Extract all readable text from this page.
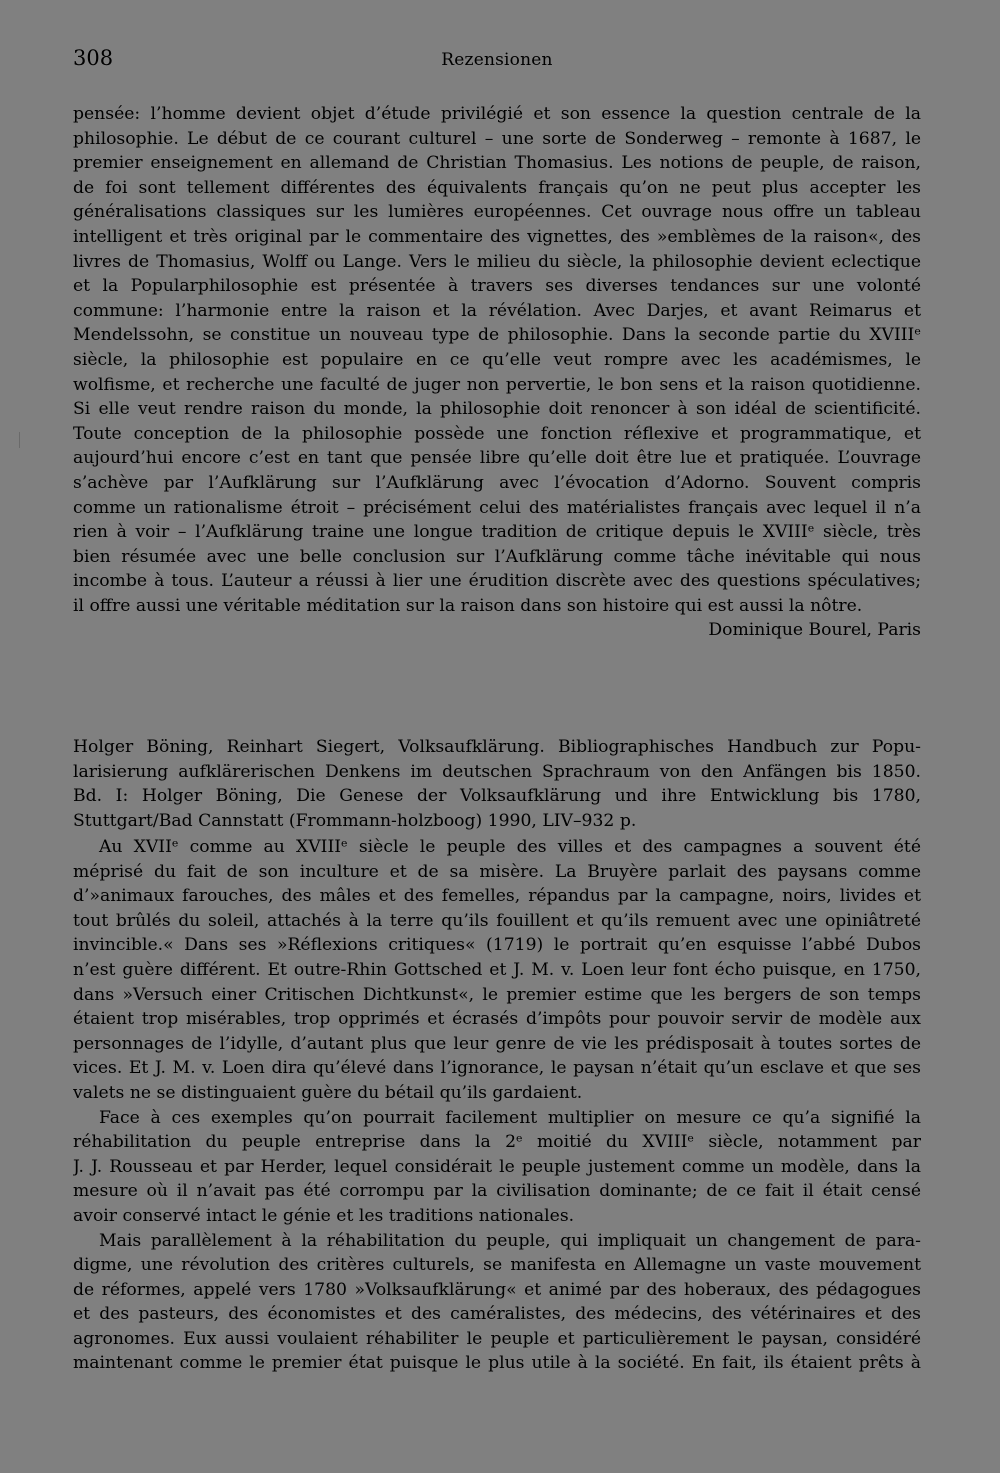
308	Rezensionen
pensée: l’homme devient objet d’étude privilégié et son essence la question centrale de la
philosophie. Le début de ce courant culturel – une sorte de Sonderweg – remonte à 1687, le
premier enseignement en allemand de Christian Thomasius. Les notions de peuple, de raison,
de foi sont tellement différentes des équivalents français qu’on ne peut plus accepter les
généralisations classiques sur les lumières européennes. Cet ouvrage nous offre un tableau
intelligent et très original par le commentaire des vignettes, des »emblèmes de la raison«, des
livres de Thomasius, Wolff ou Lange. Vers le milieu du siècle, la philosophie devient eclectique
et la Popularphilosophie est présentée à travers ses diverses tendances sur une volonté
commune: l’harmonie entre la raison et la révélation. Avec Darjes, et avant Reimarus et
Mendelssohn, se constitue un nouveau type de philosophie. Dans la seconde partie du XVIIIᵉ
siècle, la philosophie est populaire en ce qu’elle veut rompre avec les académismes, le
wolfisme, et recherche une faculté de juger non pervertie, le bon sens et la raison quotidienne.
Si elle veut rendre raison du monde, la philosophie doit renoncer à son idéal de scientificité.
Toute conception de la philosophie possède une fonction réflexive et programmatique, et
aujourd’hui encore c’est en tant que pensée libre qu’elle doit être lue et pratiquée. L’ouvrage
s’achève par l’Aufklärung sur l’Aufklärung avec l’évocation d’Adorno. Souvent compris
comme un rationalisme étroit – précisément celui des matérialistes français avec lequel il n’a
rien à voir – l’Aufklärung traine une longue tradition de critique depuis le XVIIIᵉ siècle, très
bien résumée avec une belle conclusion sur l’Aufklärung comme tâche inévitable qui nous
incombe à tous. L’auteur a réussi à lier une érudition discrète avec des questions spéculatives;
il offre aussi une véritable méditation sur la raison dans son histoire qui est aussi la nôtre.
Dominique Bourel, Paris
Holger Böning, Reinhart Siegert, Volksaufklärung. Bibliographisches Handbuch zur Popu-
larisierung aufklärerischen Denkens im deutschen Sprachraum von den Anfängen bis 1850.
Bd. I: Holger Böning, Die Genese der Volksaufklärung und ihre Entwicklung bis 1780,
Stuttgart/Bad Cannstatt (Frommann-holzboog) 1990, LIV–932 p.
Au XVIIᵉ comme au XVIIIᵉ siècle le peuple des villes et des campagnes a souvent été
méprisé du fait de son inculture et de sa misère. La Bruyère parlait des paysans comme
d’»animaux farouches, des mâles et des femelles, répandus par la campagne, noirs, livides et
tout brûlés du soleil, attachés à la terre qu’ils fouillent et qu’ils remuent avec une opiniâtreté
invincible.« Dans ses »Réflexions critiques« (1719) le portrait qu’en esquisse l’abbé Dubos
n’est guère différent. Et outre-Rhin Gottsched et J. M. v. Loen leur font écho puisque, en 1750,
dans »Versuch einer Critischen Dichtkunst«, le premier estime que les bergers de son temps
étaient trop misérables, trop opprimés et écrasés d’impôts pour pouvoir servir de modèle aux
personnages de l’idylle, d’autant plus que leur genre de vie les prédisposait à toutes sortes de
vices. Et J. M. v. Loen dira qu’élevé dans l’ignorance, le paysan n’était qu’un esclave et que ses
valets ne se distinguaient guère du bétail qu’ils gardaient.
Face à ces exemples qu’on pourrait facilement multiplier on mesure ce qu’a signifié la
réhabilitation du peuple entreprise dans la 2ᵉ moitié du XVIIIᵉ siècle, notamment par
J. J. Rousseau et par Herder, lequel considérait le peuple justement comme un modèle, dans la
mesure où il n’avait pas été corrompu par la civilisation dominante; de ce fait il était censé
avoir conservé intact le génie et les traditions nationales.
Mais parallèlement à la réhabilitation du peuple, qui impliquait un changement de para-
digme, une révolution des critères culturels, se manifesta en Allemagne un vaste mouvement
de réformes, appelé vers 1780 »Volksaufklärung« et animé par des hoberaux, des pédagogues
et des pasteurs, des économistes et des caméralistes, des médecins, des vétérinaires et des
agronomes. Eux aussi voulaient réhabiliter le peuple et particulièrement le paysan, considéré
maintenant comme le premier état puisque le plus utile à la société. En fait, ils étaient prêts à
